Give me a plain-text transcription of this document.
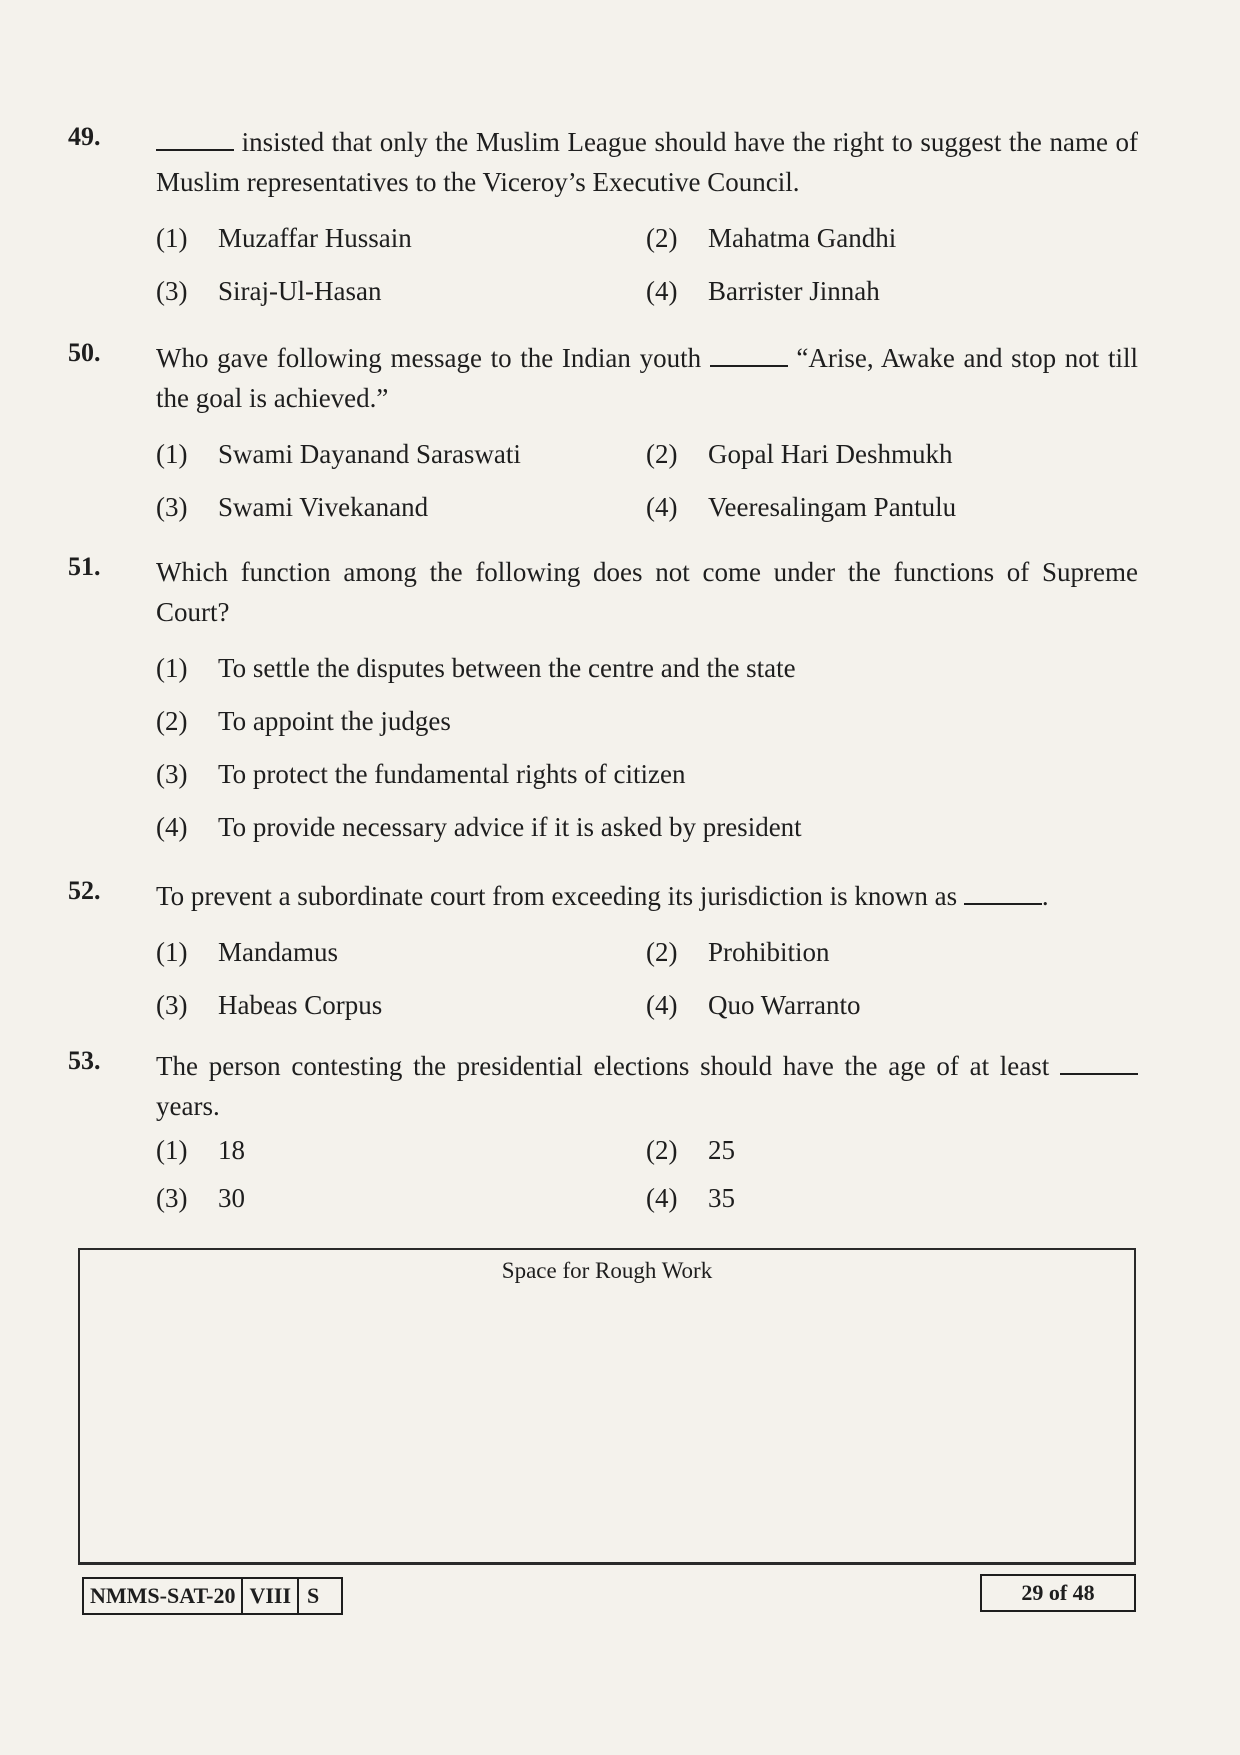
49.	insisted that only the Muslim League should have the right to suggest the name of Muslim representatives to the Viceroy’s Executive Council.
(1)	Muzaffar Hussain	(2)	Mahatma Gandhi
(3)	Siraj-Ul-Hasan	(4)	Barrister Jinnah
50. Who gave following message to the Indian youth	“Arise, Awake and stop not till the goal is achieved.”
(1)	Swami Dayanand Saraswati	(2)	Gopal Hari Deshmukh
(3)	Swami Vivekanand	(4)	Veeresalingam Pantulu
51. Which function among the following does not come under the functions of Supreme Court?
(1)	To settle the disputes between the centre and the state
(2)	To appoint the judges
(3)	To protect the fundamental rights of citizen
(4)	To provide necessary advice if it is asked by president
52. To prevent a subordinate court from exceeding its jurisdiction is known as	.
(1)	Mandamus	(2)	Prohibition
(3)	Habeas Corpus	(4)	Quo Warranto
53. The person contesting the presidential elections should have the age of at least  years.
(1)	18	(2)	25
(3)	30	(4)	35
Space for Rough Work
NMMS-SAT-20 VIII S	29 of 48
